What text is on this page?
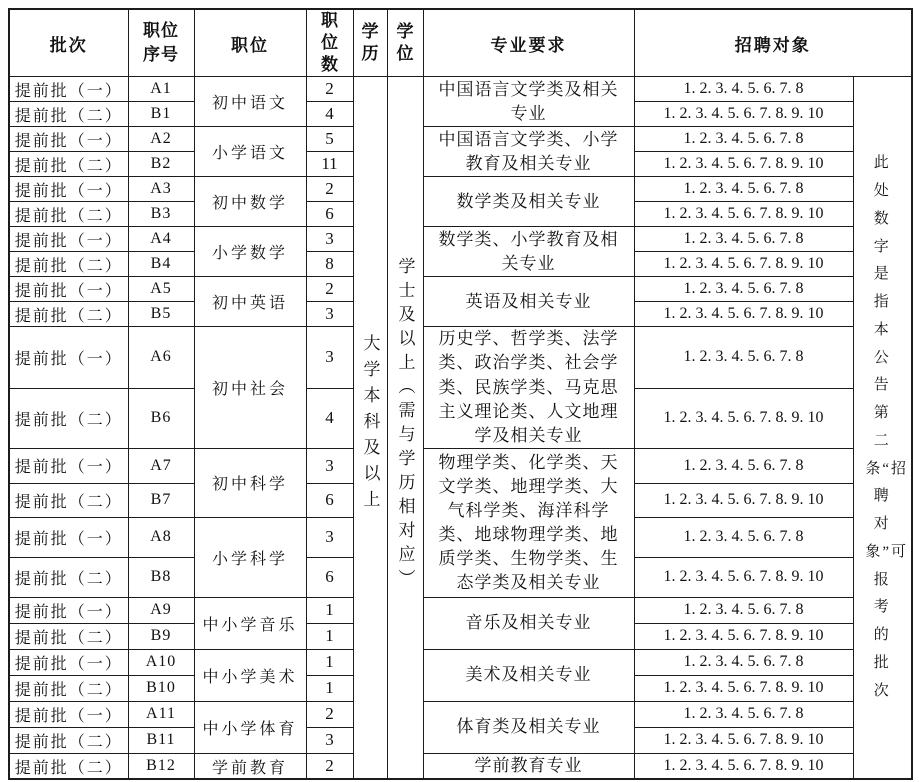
批次	职位序号	职位	职位数	学历	学位	专业要求	招聘对象	
提前批（一）	A1	初中语文	2	大学本科及以上	学士及以上（需与学历相对应）	中国语言文学类及相关专业	1. 2. 3. 4. 5. 6. 7. 8	此处数字是指本公告第二条“招聘对象”可报考的批次

提前批（二）	B1		4				1. 2. 3. 4. 5. 6. 7. 8. 9. 10	
提前批（一）	A2	小学语文	5			中国语言文学类、小学教育及相关专业	1. 2. 3. 4. 5. 6. 7. 8	
提前批（二）	B2		11				1. 2. 3. 4. 5. 6. 7. 8. 9. 10	
提前批（一）	A3	初中数学	2			数学类及相关专业	1. 2. 3. 4. 5. 6. 7. 8	
提前批（二）	B3		6				1. 2. 3. 4. 5. 6. 7. 8. 9. 10	
提前批（一）	A4	小学数学	3			数学类、小学教育及相关专业	1. 2. 3. 4. 5. 6. 7. 8	
提前批（二）	B4		8				1. 2. 3. 4. 5. 6. 7. 8. 9. 10	
提前批（一）	A5	初中英语	2			英语及相关专业	1. 2. 3. 4. 5. 6. 7. 8	
提前批（二）	B5		3				1. 2. 3. 4. 5. 6. 7. 8. 9. 10	
提前批（一）	A6	初中社会	3			历史学、哲学类、法学类、政治学类、社会学类、民族学类、马克思主义理论类、人文地理学及相关专业	1. 2. 3. 4. 5. 6. 7. 8	
提前批（二）	B6		4				1. 2. 3. 4. 5. 6. 7. 8. 9. 10	
提前批（一）	A7	初中科学	3			物理学类、化学类、天文学类、地理学类、大气科学类、海洋科学类、地球物理学类、地质学类、生物学类、生态学类及相关专业	1. 2. 3. 4. 5. 6. 7. 8	
提前批（二）	B7		6				1. 2. 3. 4. 5. 6. 7. 8. 9. 10	
提前批（一）	A8	小学科学	3				1. 2. 3. 4. 5. 6. 7. 8	
提前批（二）	B8		6				1. 2. 3. 4. 5. 6. 7. 8. 9. 10	
提前批（一）	A9	中小学音乐	1			音乐及相关专业	1. 2. 3. 4. 5. 6. 7. 8	
提前批（二）	B9		1				1. 2. 3. 4. 5. 6. 7. 8. 9. 10	
提前批（一）	A10	中小学美术	1			美术及相关专业	1. 2. 3. 4. 5. 6. 7. 8	
提前批（二）	B10		1				1. 2. 3. 4. 5. 6. 7. 8. 9. 10	
提前批（一）	A11	中小学体育	2			体育类及相关专业	1. 2. 3. 4. 5. 6. 7. 8	
提前批（二）	B11		3				1. 2. 3. 4. 5. 6. 7. 8. 9. 10	
提前批（二）	B12	学前教育	2			学前教育专业	1. 2. 3. 4. 5. 6. 7. 8. 9. 10	
